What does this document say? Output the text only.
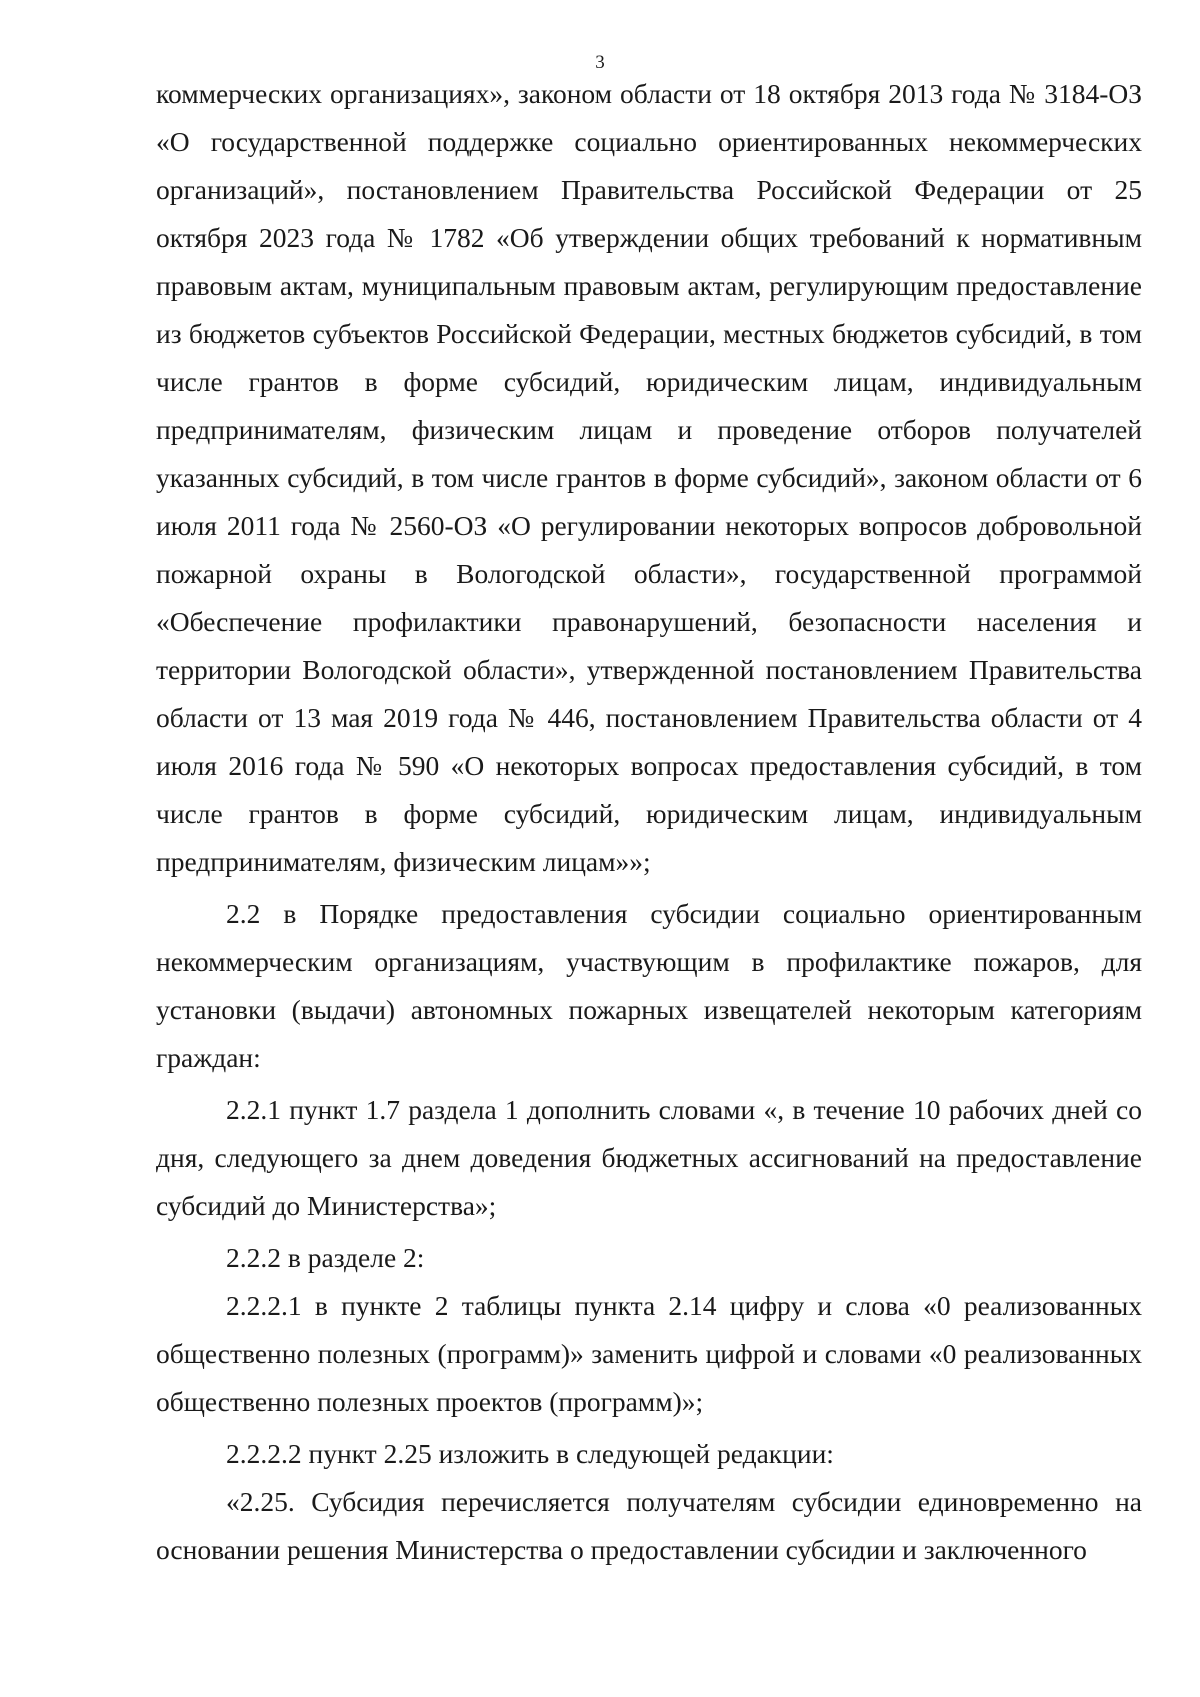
3

коммерческих организациях», законом области от 18 октября 2013 года № 3184-ОЗ «О государственной поддержке социально ориентированных некоммерческих организаций», постановлением Правительства Российской Федерации от 25 октября 2023 года № 1782 «Об утверждении общих требований к нормативным правовым актам, муниципальным правовым актам, регулирующим предоставление из бюджетов субъектов Российской Федерации, местных бюджетов субсидий, в том числе грантов в форме субсидий, юридическим лицам, индивидуальным предпринимателям, физическим лицам и проведение отборов получателей указанных субсидий, в том числе грантов в форме субсидий», законом области от 6 июля 2011 года № 2560-ОЗ «О регулировании некоторых вопросов добровольной пожарной охраны в Вологодской области», государственной программой «Обеспечение профилактики правонарушений, безопасности населения и территории Вологодской области», утвержденной постановлением Правительства области от 13 мая 2019 года № 446, постановлением Правительства области от 4 июля 2016 года № 590 «О некоторых вопросах предоставления субсидий, в том числе грантов в форме субсидий, юридическим лицам, индивидуальным предпринимателям, физическим лицам»»;

2.2 в Порядке предоставления субсидии социально ориентированным некоммерческим организациям, участвующим в профилактике пожаров, для установки (выдачи) автономных пожарных извещателей некоторым категориям граждан:

2.2.1 пункт 1.7 раздела 1 дополнить словами «, в течение 10 рабочих дней со дня, следующего за днем доведения бюджетных ассигнований на предоставление субсидий до Министерства»;

2.2.2 в разделе 2:

2.2.2.1 в пункте 2 таблицы пункта 2.14 цифру и слова «0 реализованных общественно полезных (программ)» заменить цифрой и словами «0 реализованных общественно полезных проектов (программ)»;

2.2.2.2 пункт 2.25 изложить в следующей редакции:

«2.25. Субсидия перечисляется получателям субсидии единовременно на основании решения Министерства о предоставлении субсидии и заключенного
